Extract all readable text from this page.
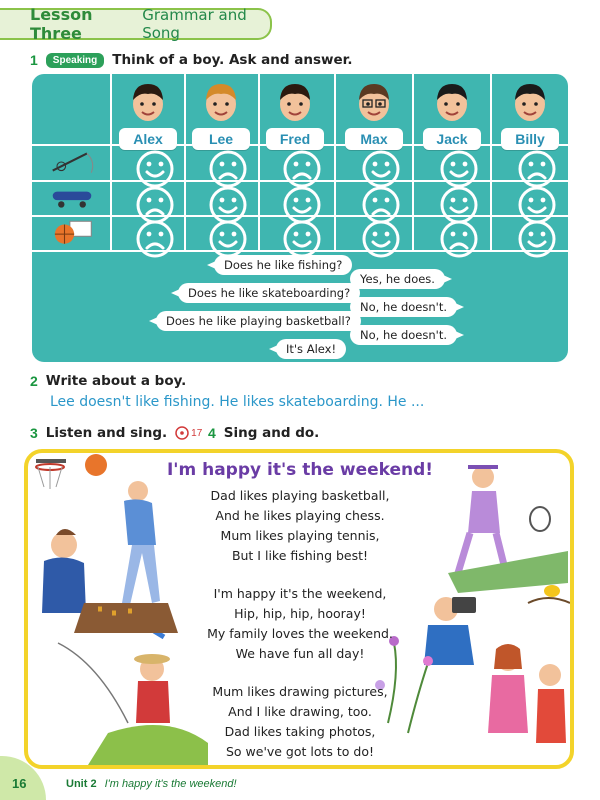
Lesson Three
Grammar and Song
1	Speaking	Think of a boy. Ask and answer.
Alex	Lee	Fred	Max	Jack	Billy
Does he like fishing?
Does he like skateboarding?
Does he like playing basketball?
It's Alex!
Yes, he does.
No, he doesn't.
No, he doesn't.
2 Write about a boy.
Lee doesn't like fishing. He likes skateboarding. He ...
3 Listen and sing. 17 4 Sing and do.
I'm happy it's the weekend!
Dad likes playing basketball,
And he likes playing chess.
Mum likes playing tennis,
But I like fishing best!
I'm happy it's the weekend,
Hip, hip, hip, hooray!
My family loves the weekend.
We have fun all day!
Mum likes drawing pictures,
And I like drawing, too.
Dad likes taking photos,
So we've got lots to do!
16	Unit 2 I'm happy it's the weekend!
